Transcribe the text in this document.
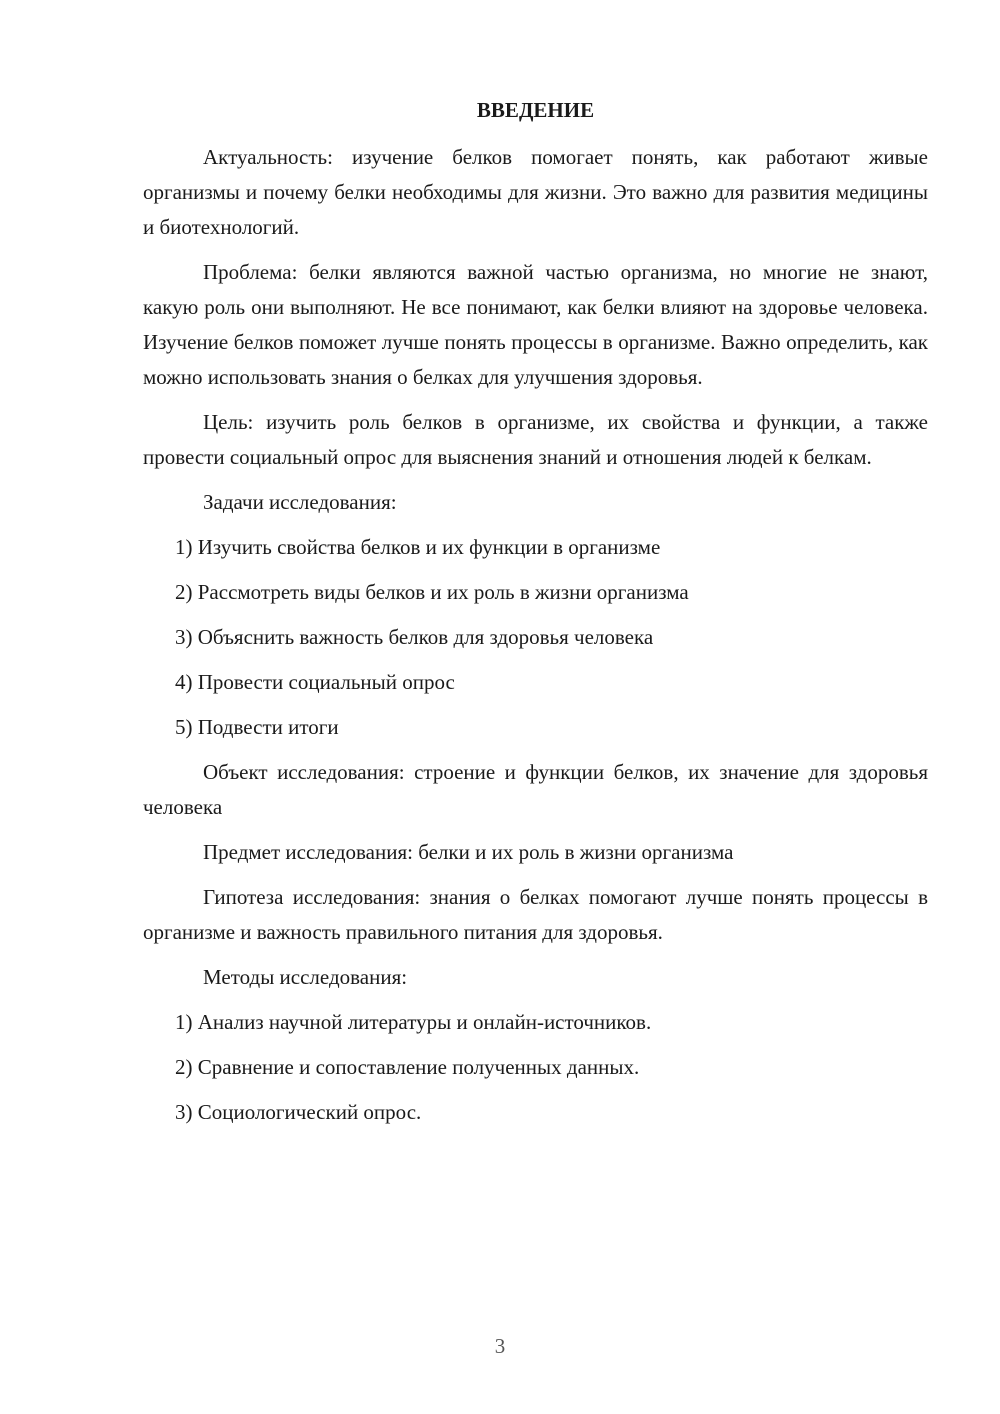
ВВЕДЕНИЕ

Актуальность: изучение белков помогает понять, как работают живые организмы и почему белки необходимы для жизни. Это важно для развития медицины и биотехнологий.

Проблема: белки являются важной частью организма, но многие не знают, какую роль они выполняют. Не все понимают, как белки влияют на здоровье человека. Изучение белков поможет лучше понять процессы в организме. Важно определить, как можно использовать знания о белках для улучшения здоровья.

Цель: изучить роль белков в организме, их свойства и функции, а также провести социальный опрос для выяснения знаний и отношения людей к белкам.

Задачи исследования:

1) Изучить свойства белков и их функции в организме

2) Рассмотреть виды белков и их роль в жизни организма

3) Объяснить важность белков для здоровья человека

4) Провести социальный опрос

5) Подвести итоги

Объект исследования: строение и функции белков, их значение для здоровья человека

Предмет исследования: белки и их роль в жизни организма

Гипотеза исследования: знания о белках помогают лучше понять процессы в организме и важность правильного питания для здоровья.

Методы исследования:

1) Анализ научной литературы и онлайн-источников.

2) Сравнение и сопоставление полученных данных.

3) Социологический опрос.

3
